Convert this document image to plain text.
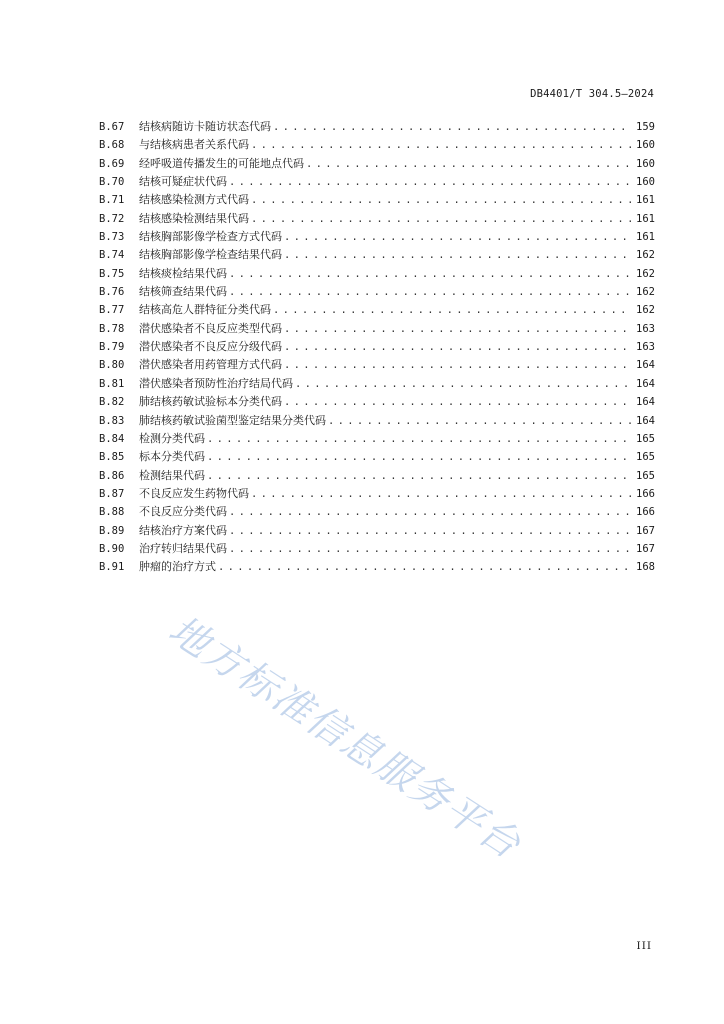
DB4401/T 304.5—2024
B.67	结核病随访卡随访状态代码 . . .	159
B.68	与结核病患者关系代码 . . .	160
B.69	经呼吸道传播发生的可能地点代码 . . .	160
B.70	结核可疑症状代码 . . .	160
B.71	结核感染检测方式代码 . . .	161
B.72	结核感染检测结果代码 . . .	161
B.73	结核胸部影像学检查方式代码 . . .	161
B.74	结核胸部影像学检查结果代码 . . .	162
B.75	结核痰检结果代码 . . .	162
B.76	结核筛查结果代码 . . .	162
B.77	结核高危人群特征分类代码 . . .	162
B.78	潜伏感染者不良反应类型代码 . . .	163
B.79	潜伏感染者不良反应分级代码 . . .	163
B.80	潜伏感染者用药管理方式代码 . . .	164
B.81	潜伏感染者预防性治疗结局代码 . . .	164
B.82	肺结核药敏试验标本分类代码 . . .	164
B.83	肺结核药敏试验菌型鉴定结果分类代码 . . .	164
B.84	检测分类代码 . . .	165
B.85	标本分类代码 . . .	165
B.86	检测结果代码 . . .	165
B.87	不良反应发生药物代码 . . .	166
B.88	不良反应分类代码 . . .	166
B.89	结核治疗方案代码 . . .	167
B.90	治疗转归结果代码 . . .	167
B.91	肿瘤的治疗方式 . . .	168
地方标准信息服务平台
III
